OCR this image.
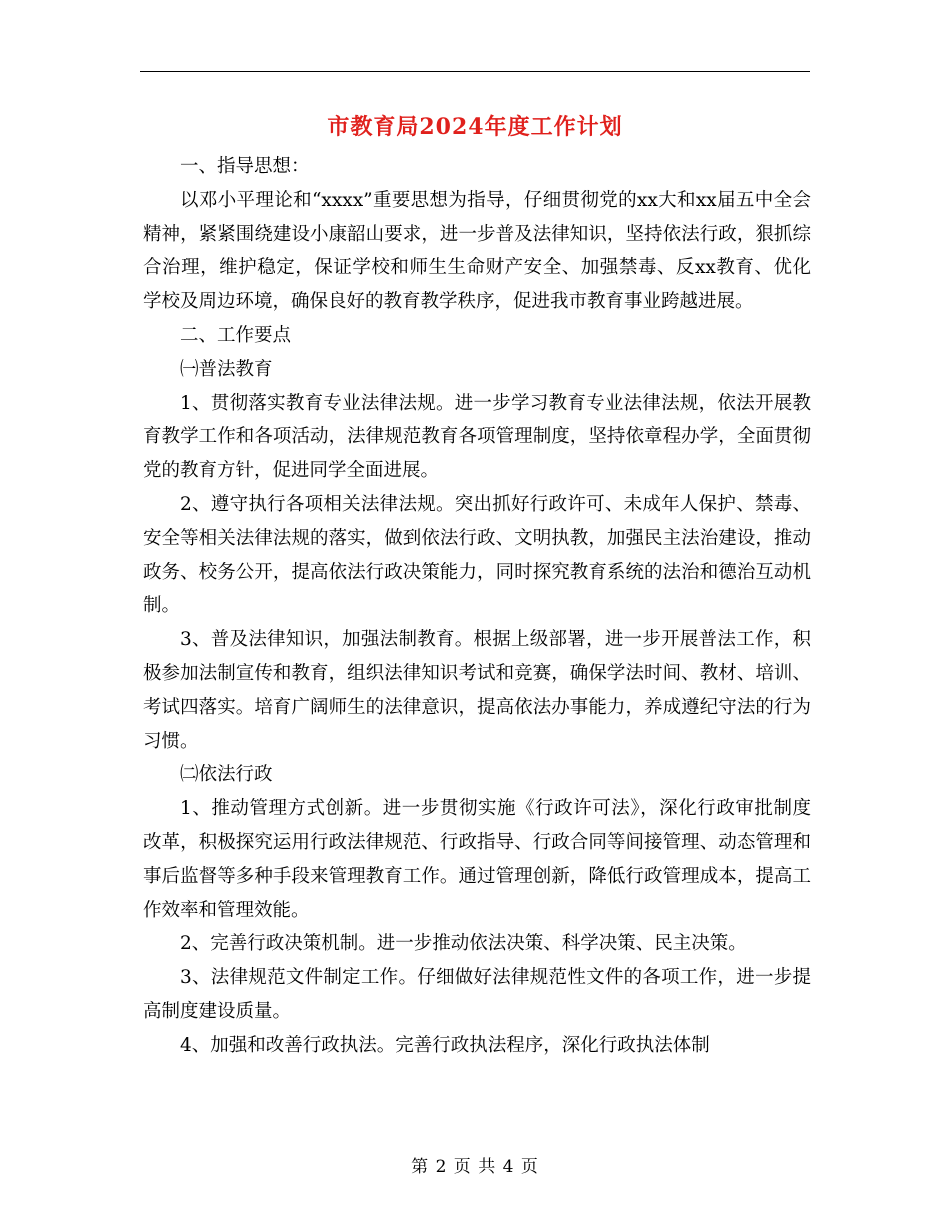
市教育局2024年度工作计划

一、指导思想：

以邓小平理论和“xxxx”重要思想为指导，仔细贯彻党的xx大和xx届五中全会精神，紧紧围绕建设小康韶山要求，进一步普及法律知识，坚持依法行政，狠抓综合治理，维护稳定，保证学校和师生生命财产安全、加强禁毒、反xx教育、优化学校及周边环境，确保良好的教育教学秩序，促进我市教育事业跨越进展。

二、工作要点

㈠普法教育

1、贯彻落实教育专业法律法规。进一步学习教育专业法律法规，依法开展教育教学工作和各项活动，法律规范教育各项管理制度，坚持依章程办学，全面贯彻党的教育方针，促进同学全面进展。

2、遵守执行各项相关法律法规。突出抓好行政许可、未成年人保护、禁毒、安全等相关法律法规的落实，做到依法行政、文明执教，加强民主法治建设，推动政务、校务公开，提高依法行政决策能力，同时探究教育系统的法治和德治互动机制。

3、普及法律知识，加强法制教育。根据上级部署，进一步开展普法工作，积极参加法制宣传和教育，组织法律知识考试和竞赛，确保学法时间、教材、培训、考试四落实。培育广阔师生的法律意识，提高依法办事能力，养成遵纪守法的行为习惯。

㈡依法行政

1、推动管理方式创新。进一步贯彻实施《行政许可法》，深化行政审批制度改革，积极探究运用行政法律规范、行政指导、行政合同等间接管理、动态管理和事后监督等多种手段来管理教育工作。通过管理创新，降低行政管理成本，提高工作效率和管理效能。

2、完善行政决策机制。进一步推动依法决策、科学决策、民主决策。

3、法律规范文件制定工作。仔细做好法律规范性文件的各项工作，进一步提高制度建设质量。

4、加强和改善行政执法。完善行政执法程序，深化行政执法体制

第 2 页 共 4 页
